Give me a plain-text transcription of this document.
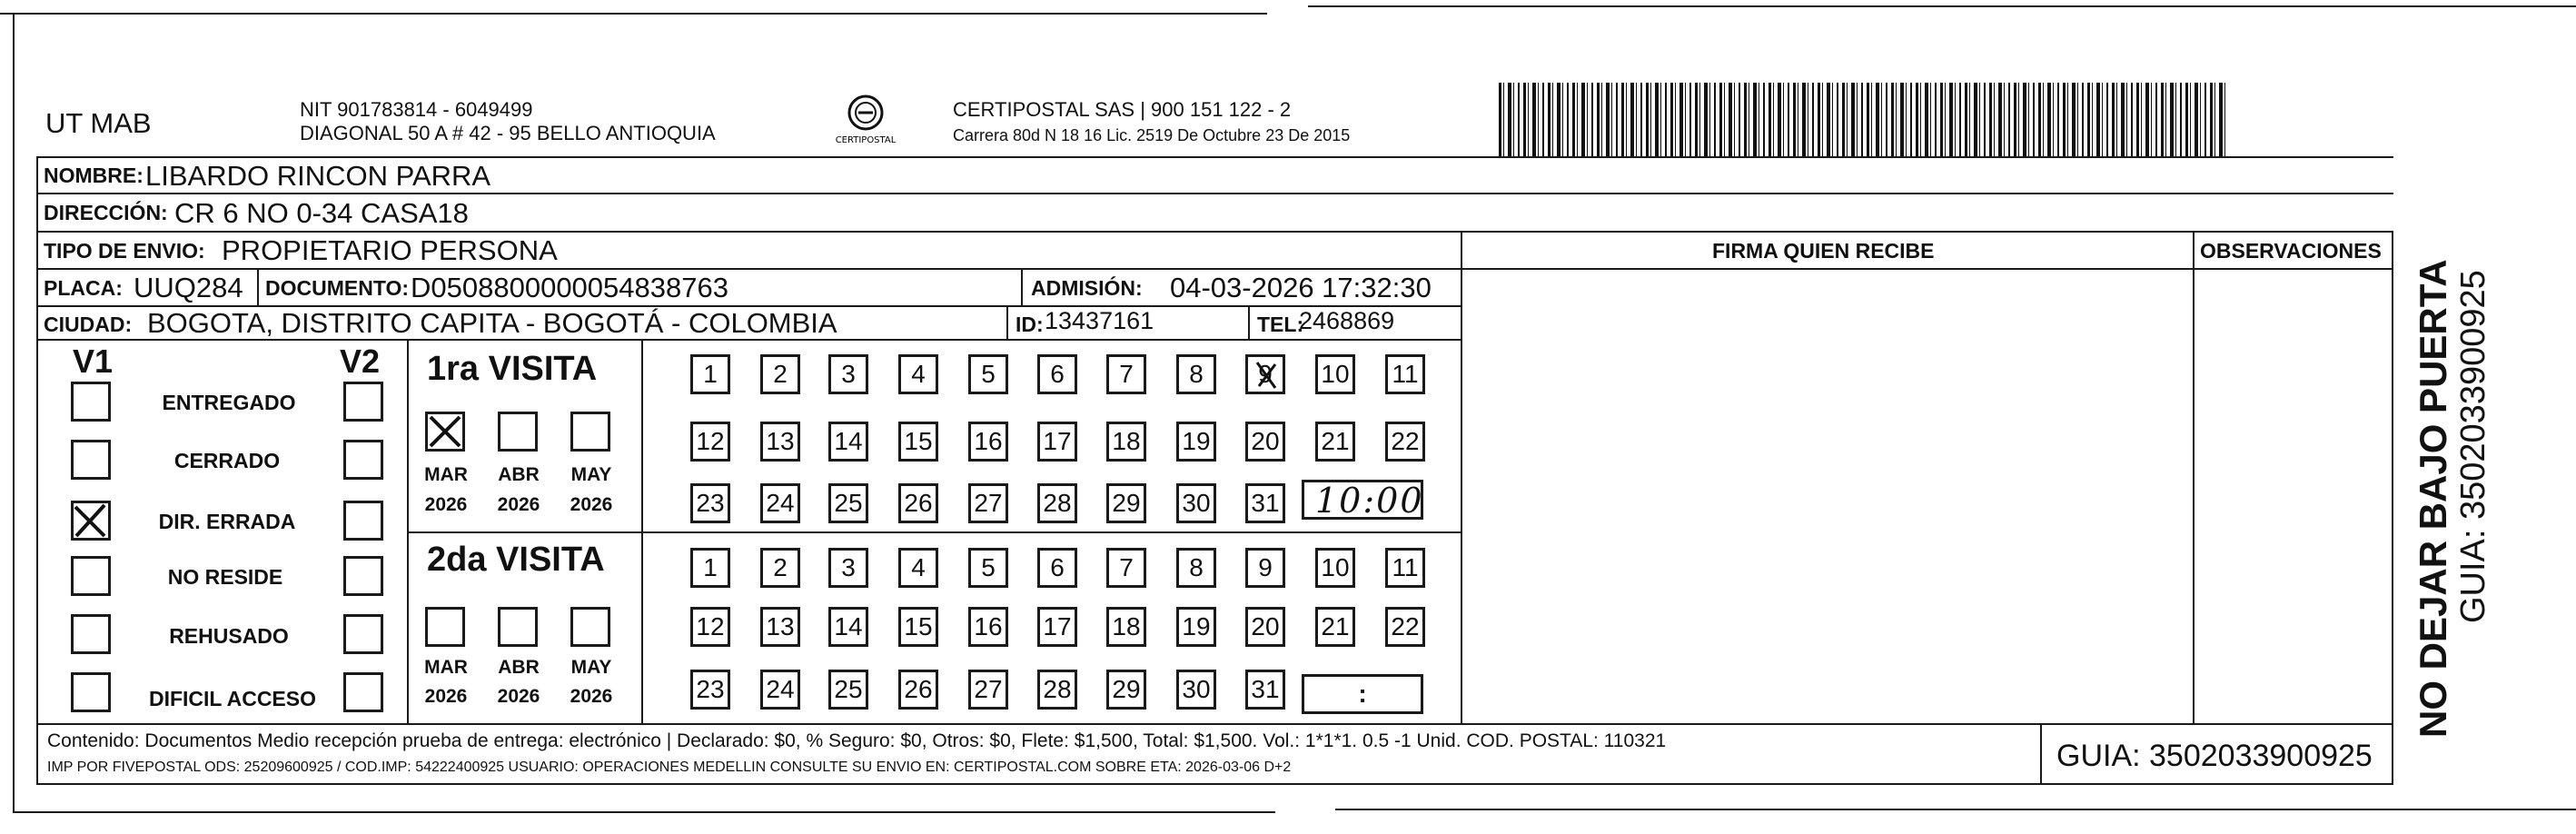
UT MAB	NIT 901783814 - 6049499
DIAGONAL 50 A # 42 - 95 BELLO ANTIOQUIA	CERTIPOSTAL
CERTIPOSTAL SAS | 900 151 122 - 2
Carrera 80d N 18 16 Lic. 2519 De Octubre 23 De 2015
NOMBRE: LIBARDO RINCON PARRA
DIRECCIÓN: CR 6 NO 0-34 CASA18
TIPO DE ENVIO: PROPIETARIO PERSONA
PLACA: UUQ284 DOCUMENTO: D0508800000054838763	ADMISIÓN: 04-03-2026 17:32:30
CIUDAD: BOGOTA, DISTRITO CAPITA - BOGOTÁ - COLOMBIA	ID: 13437161	TEL:
2468869
FIRMA QUIEN RECIBE	OBSERVACIONES
V1	V2
ENTREGADO
CERRADO
DIR. ERRADA
NO RESIDE
REHUSADO
DIFICIL ACCESO
1ra VISITA
2da VISITA
MAR ABR	MAY
2026 2026 2026
MAR ABR	MAY
2026 2026 2026
1	2	3	4	5	6	7	8	9	10 11
12 13 14 15 16 17 18 19 20 21 22
23 24 25 26 27 28 29 30 31
1	2	3	4	5	6	7	8	9	10 11
12 13 14 15 16 17 18 19 20 21 22
23 24 25 26 27 28 29 30 31
10:00
:
Contenido: Documentos Medio recepción prueba de entrega: electrónico | Declarado: $0, % Seguro: $0, Otros: $0, Flete: $1,500, Total: $1,500. Vol.: 1*1*1. 0.5 -1 Unid. COD. POSTAL: 110321
IMP POR FIVEPOSTAL ODS: 25209600925 / COD.IMP: 54222400925 USUARIO: OPERACIONES MEDELLIN CONSULTE SU ENVIO EN: CERTIPOSTAL.COM SOBRE ETA: 2026-03-06 D+2	GUIA: 3502033900925
NO DEJAR BAJO PUERTA GUIA: 3502033900925
